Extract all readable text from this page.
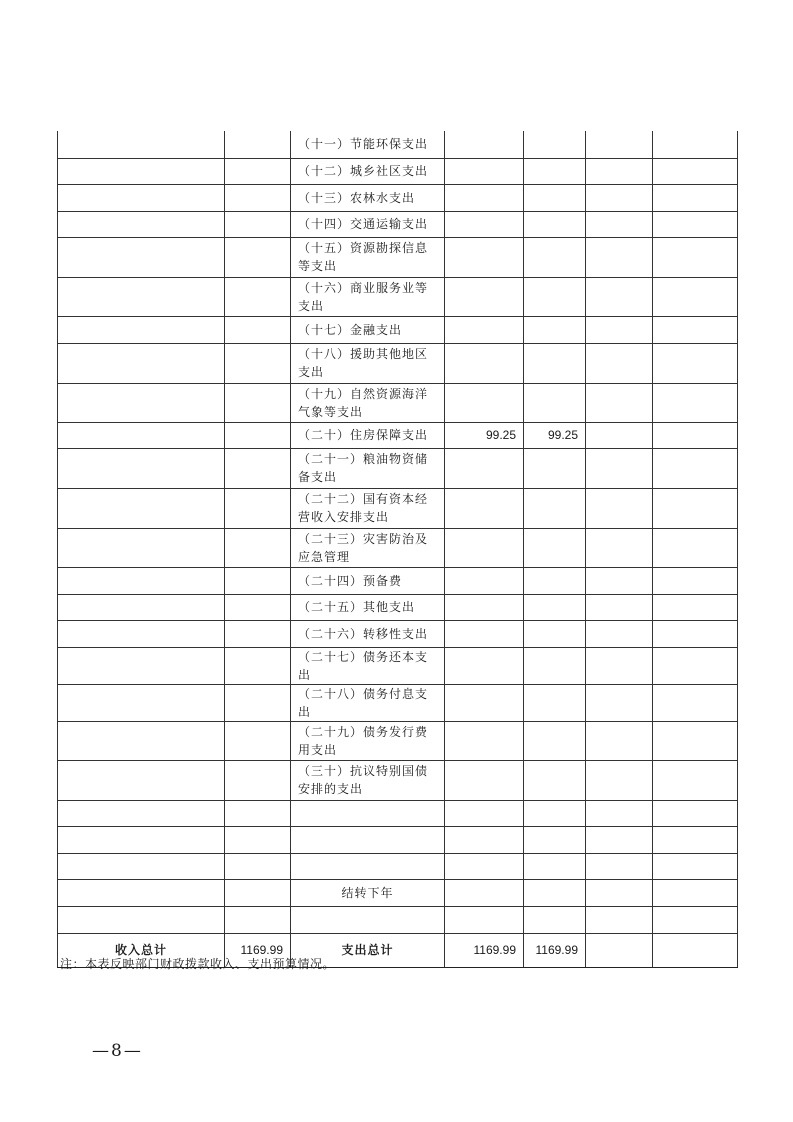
		（十一）节能环保支出				
		（十二）城乡社区支出				
		（十三）农林水支出				
		（十四）交通运输支出				
		（十五）资源勘探信息等支出				
		（十六）商业服务业等支出				
		（十七）金融支出				
		（十八）援助其他地区支出				
		（十九）自然资源海洋气象等支出				
		（二十）住房保障支出	99.25	99.25		
		（二十一）粮油物资储备支出				
		（二十二）国有资本经营收入安排支出				
		（二十三）灾害防治及应急管理				
		（二十四）预备费				
		（二十五）其他支出				
		（二十六）转移性支出				
		（二十七）债务还本支出				
		（二十八）债务付息支出				
		（二十九）债务发行费用支出				
		（三十）抗议特别国债安排的支出				

		结转下年				

收入总计	1169.99	支出总计	1169.99	1169.99		
注：本表反映部门财政拨款收入、支出预算情况。
—8—
